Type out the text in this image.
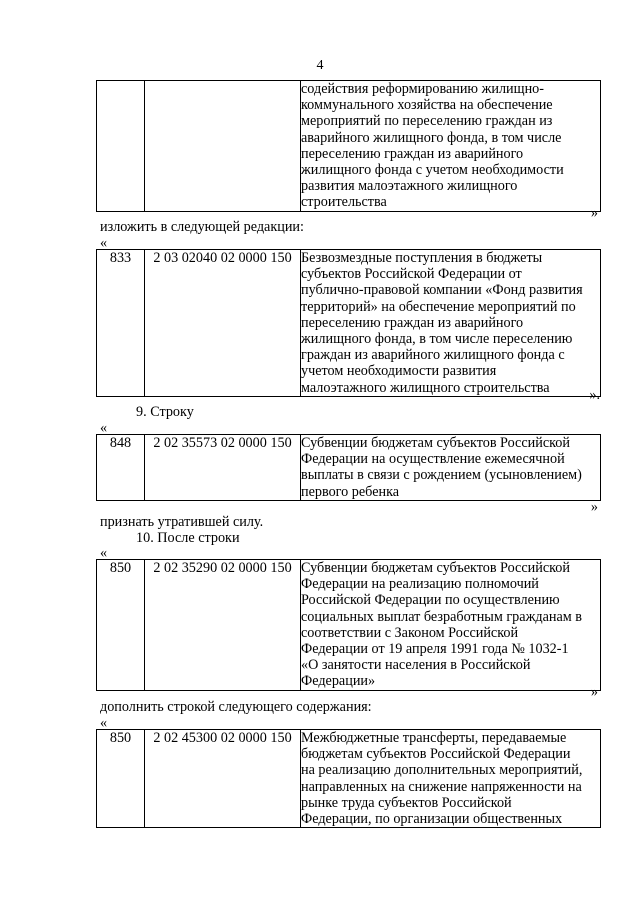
4

содействия реформированию жилищно-
коммунального хозяйства на обеспечение
мероприятий по переселению граждан из
аварийного жилищного фонда, в том числе
переселению граждан из аварийного
жилищного фонда с учетом необходимости
развития малоэтажного жилищного
строительства
»
изложить в следующей редакции:
«
833	2 03 02040 02 0000 150	Безвозмездные поступления в бюджеты
субъектов Российской Федерации от
публично-правовой компании «Фонд развития
территорий» на обеспечение мероприятий по
переселению граждан из аварийного
жилищного фонда, в том числе переселению
граждан из аварийного жилищного фонда с
учетом необходимости развития
малоэтажного жилищного строительства	».
9. Строку
«
848	2 02 35573 02 0000 150	Субвенции бюджетам субъектов Российской
Федерации на осуществление ежемесячной
выплаты в связи с рождением (усыновлением)
первого ребенка
»
признать утратившей силу.
10. После строки
«
850	2 02 35290 02 0000 150	Субвенции бюджетам субъектов Российской
Федерации на реализацию полномочий
Российской Федерации по осуществлению
социальных выплат безработным гражданам в
соответствии с Законом Российской
Федерации от 19 апреля 1991 года № 1032-1
«О занятости населения в Российской
Федерации»
»
дополнить строкой следующего содержания:
«
850	2 02 45300 02 0000 150	Межбюджетные трансферты, передаваемые
бюджетам субъектов Российской Федерации
на реализацию дополнительных мероприятий,
направленных на снижение напряженности на
рынке труда субъектов Российской
Федерации, по организации общественных
